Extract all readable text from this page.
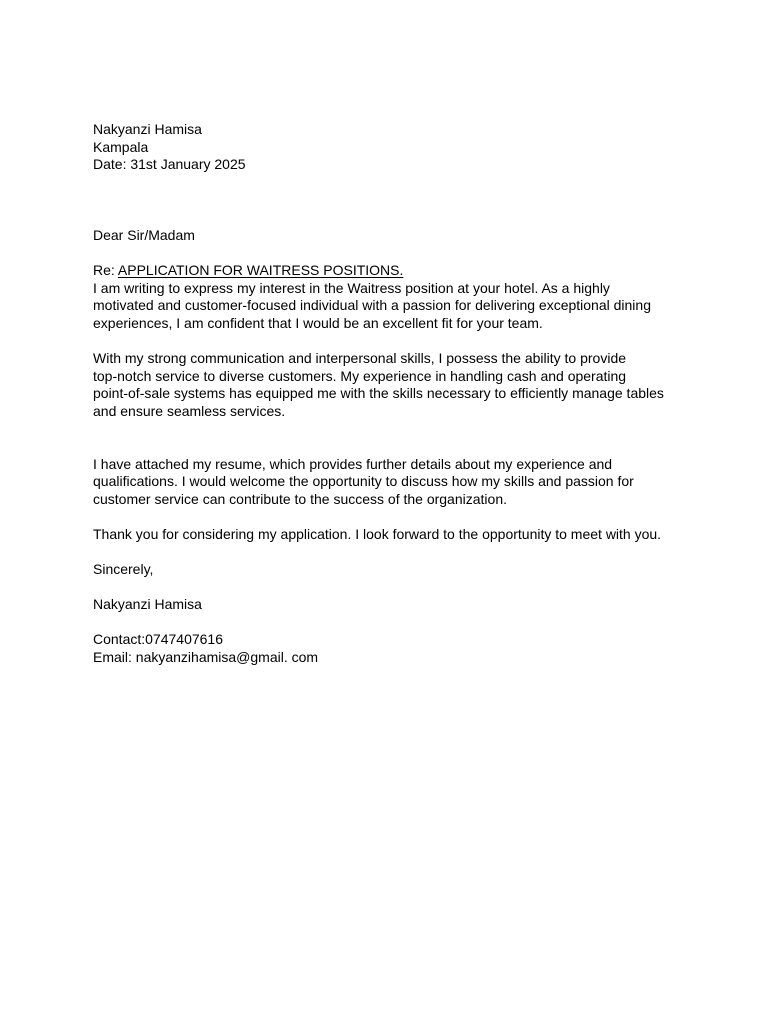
Nakyanzi Hamisa
Kampala
Date: 31st January 2025
Dear Sir/Madam
Re: APPLICATION FOR WAITRESS POSITIONS.
I am writing to express my interest in the Waitress position at your hotel. As a highly
motivated and customer-focused individual with a passion for delivering exceptional dining
experiences, I am confident that I would be an excellent fit for your team.
With my strong communication and interpersonal skills, I possess the ability to provide
top-notch service to diverse customers. My experience in handling cash and operating
point-of-sale systems has equipped me with the skills necessary to efficiently manage tables
and ensure seamless services.
I have attached my resume, which provides further details about my experience and
qualifications. I would welcome the opportunity to discuss how my skills and passion for
customer service can contribute to the success of the organization.
Thank you for considering my application. I look forward to the opportunity to meet with you.
Sincerely,
Nakyanzi Hamisa
Contact:0747407616
Email: nakyanzihamisa@gmail. com
